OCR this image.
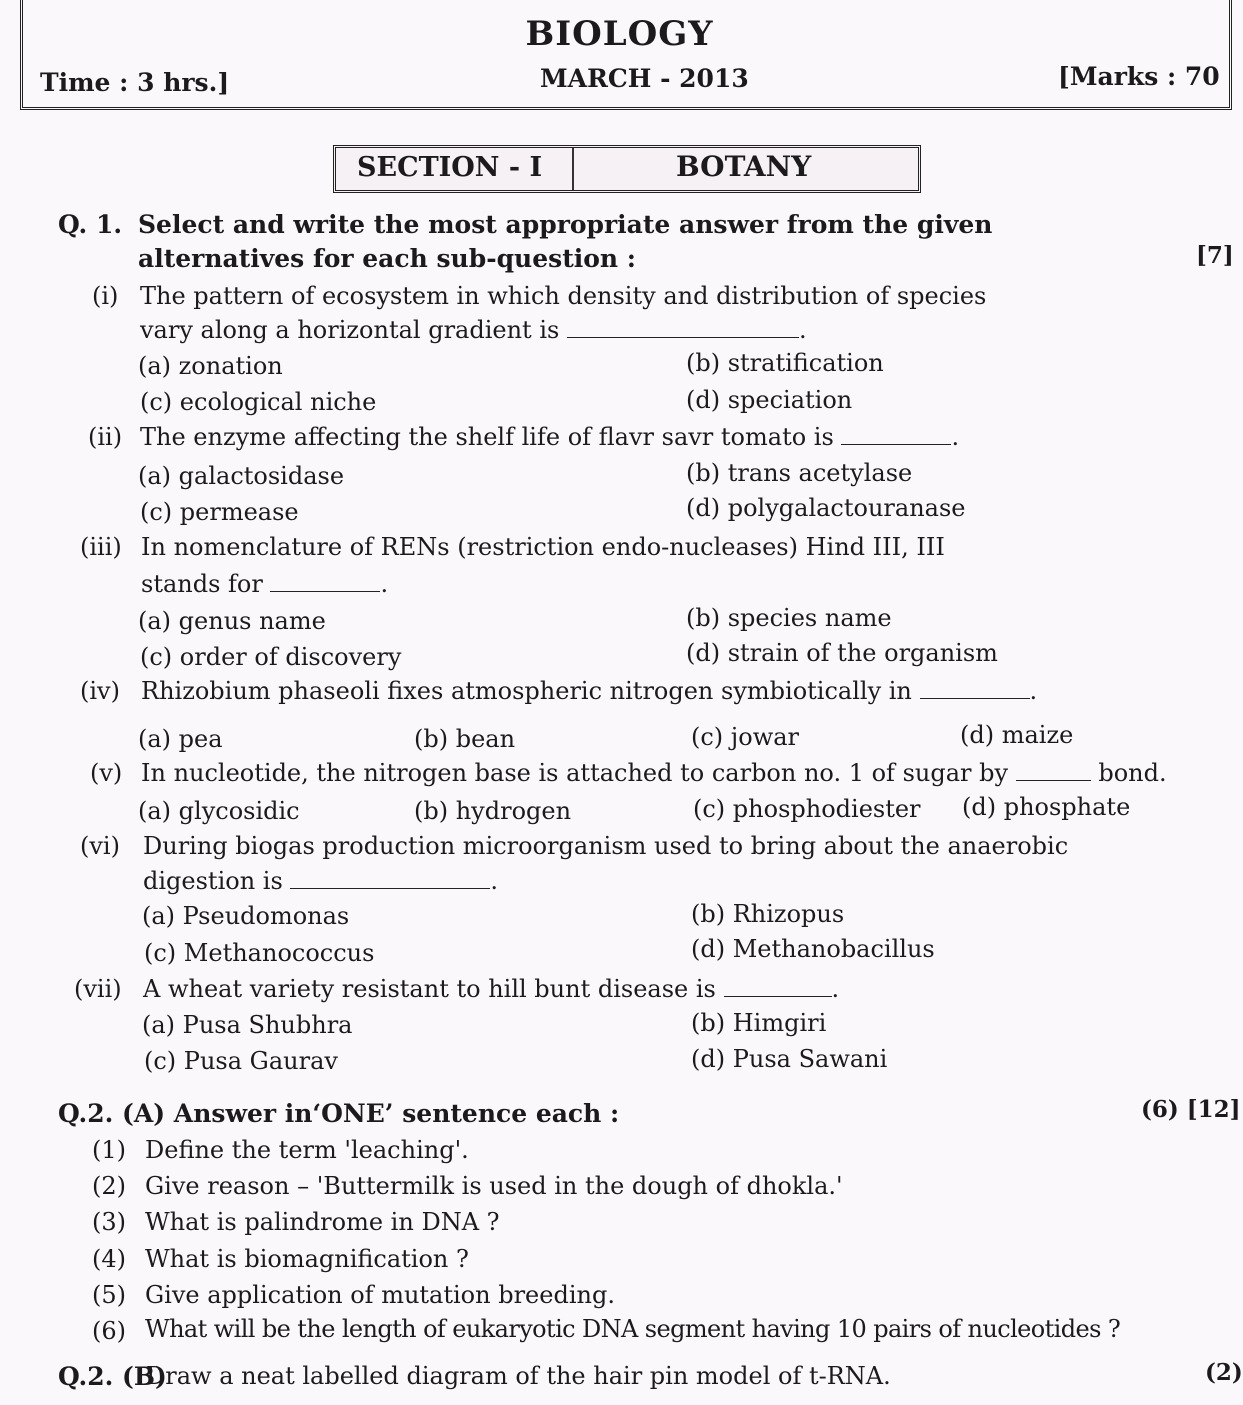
BIOLOGY
Time : 3 hrs.]	MARCH - 2013	[Marks : 70
SECTION - I	BOTANY
Q. 1. Select and write the most appropriate answer from the given
alternatives for each sub-question :	[7]
(i) The pattern of ecosystem in which density and distribution of species
vary along a horizontal gradient is	.
(a) zonation	(b) stratification
(c) ecological niche	(d) speciation
(ii) The enzyme affecting the shelf life of flavr savr tomato is	.
(a) galactosidase	(b) trans acetylase
(c) permease	(d) polygalactouranase
(iii) In nomenclature of RENs (restriction endo-nucleases) Hind III, III
stands for	.
(a) genus name	(b) species name
(c) order of discovery	(d) strain of the organism
(iv) Rhizobium phaseoli fixes atmospheric nitrogen symbiotically in	.
(a) pea	(b) bean	(c) jowar	(d) maize
(v) In nucleotide, the nitrogen base is attached to carbon no. 1 of sugar by	bond.
(a) glycosidic	(b) hydrogen	(c) phosphodiester (d) phosphate
(vi) During biogas production microorganism used to bring about the anaerobic
digestion is	.
(a) Pseudomonas	(b) Rhizopus
(c) Methanococcus	(d) Methanobacillus
(vii) A wheat variety resistant to hill bunt disease is	.
(a) Pusa Shubhra	(b) Himgiri
(c) Pusa Gaurav	(d) Pusa Sawani
Q.2. (A) Answer in‘ONE’ sentence each :	(6) [12]
(1) Define the term 'leaching'.
(2) Give reason – 'Buttermilk is used in the dough of dhokla.'
(3) What is palindrome in DNA ?
(4) What is biomagnification ?
(5) Give application of mutation breeding.
(6) What will be the length of eukaryotic DNA segment having 10 pairs of nucleotides ?
Q.2. (B)
Draw a neat labelled diagram of the hair pin model of t-RNA.	(2)
